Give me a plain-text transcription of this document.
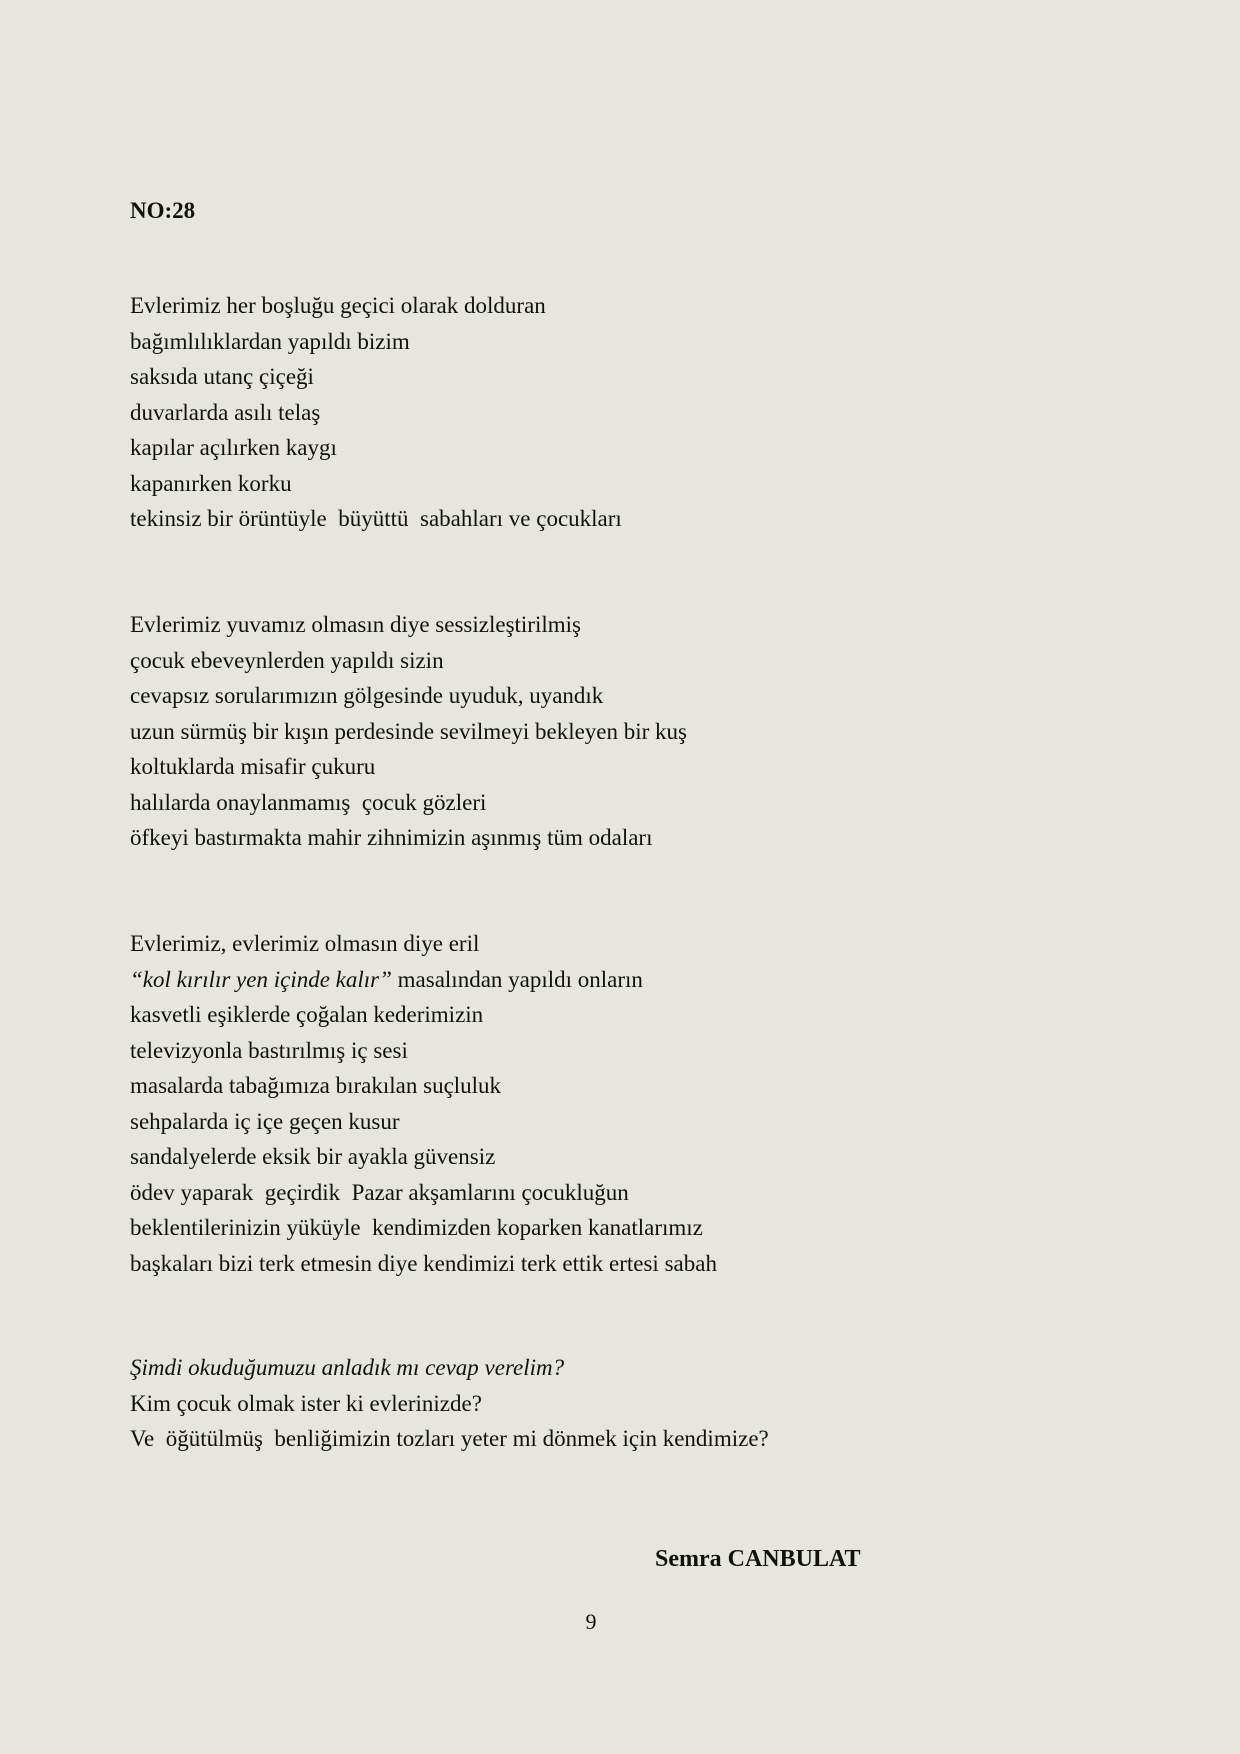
NO:28
Evlerimiz her boşluğu geçici olarak dolduran
bağımlılıklardan yapıldı bizim
saksıda utanç çiçeği
duvarlarda asılı telaş
kapılar açılırken kaygı
kapanırken korku
tekinsiz bir örüntüyle  büyüttü  sabahları ve çocukları
Evlerimiz yuvamız olmasın diye sessizleştirilmiş
çocuk ebeveynlerden yapıldı sizin
cevapsız sorularımızın gölgesinde uyuduk, uyandık
uzun sürmüş bir kışın perdesinde sevilmeyi bekleyen bir kuş
koltuklarda misafir çukuru
halılarda onaylanmamış  çocuk gözleri
öfkeyi bastırmakta mahir zihnimizin aşınmış tüm odaları
Evlerimiz, evlerimiz olmasın diye eril
“kol kırılır yen içinde kalır” masalından yapıldı onların
kasvetli eşiklerde çoğalan kederimizin
televizyonla bastırılmış iç sesi
masalarda tabağımıza bırakılan suçluluk
sehpalarda iç içe geçen kusur
sandalyelerde eksik bir ayakla güvensiz
ödev yaparak  geçirdik  Pazar akşamlarını çocukluğun
beklentilerinizin yüküyle  kendimizden koparken kanatlarımız
başkaları bizi terk etmesin diye kendimizi terk ettik ertesi sabah
Şimdi okuduğumuzu anladık mı cevap verelim?
Kim çocuk olmak ister ki evlerinizde?
Ve  öğütülmüş  benliğimizin tozları yeter mi dönmek için kendimize?

Semra CANBULAT

9
